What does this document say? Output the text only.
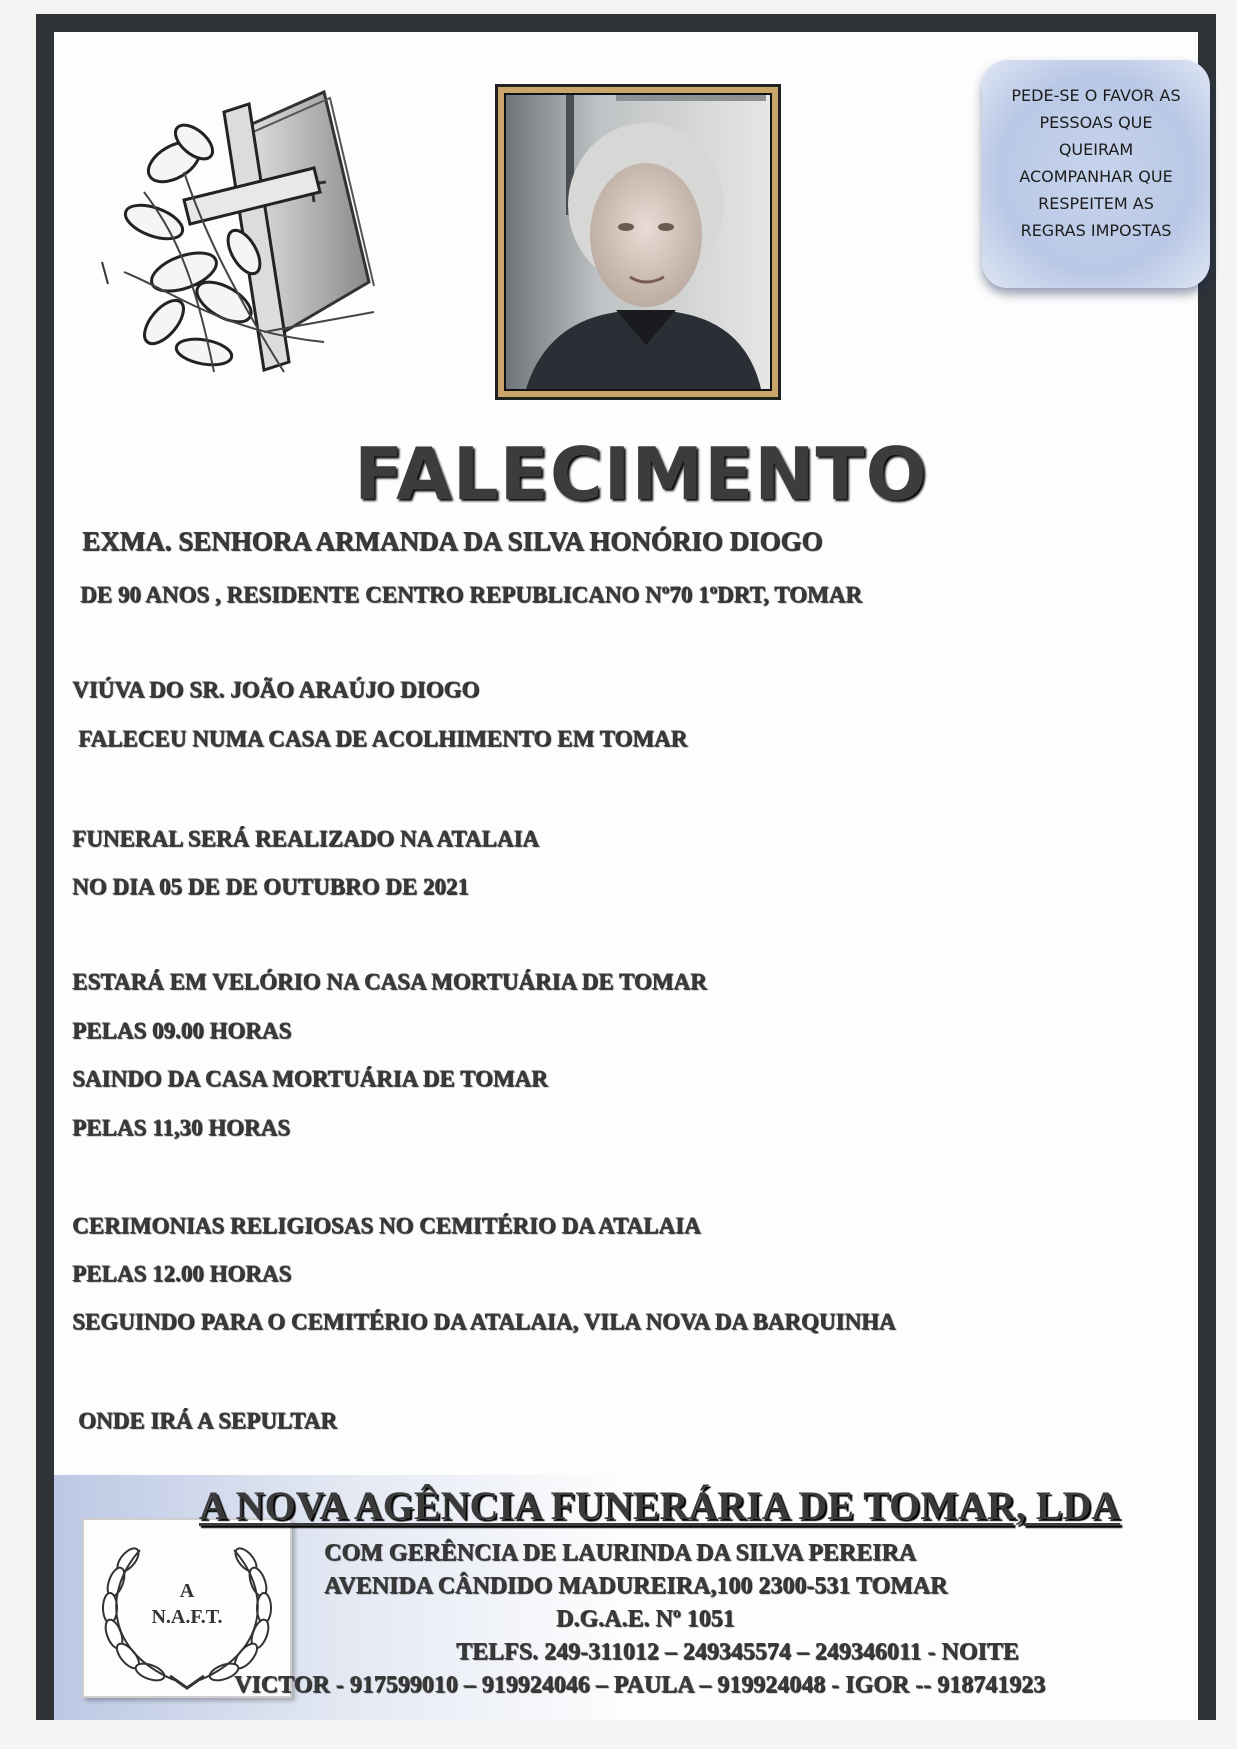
PEDE-SE O FAVOR AS
PESSOAS QUE
QUEIRAM
ACOMPANHAR QUE
RESPEITEM AS
REGRAS IMPOSTAS
FALECIMENTO
EXMA. SENHORA ARMANDA DA SILVA HONÓRIO DIOGO
DE 90 ANOS , RESIDENTE CENTRO REPUBLICANO Nº70 1ºDRT, TOMAR
VIÚVA DO SR. JOÃO ARAÚJO DIOGO
FALECEU NUMA CASA DE ACOLHIMENTO EM TOMAR
FUNERAL SERÁ REALIZADO NA ATALAIA
NO DIA 05 DE DE OUTUBRO DE 2021
ESTARÁ EM VELÓRIO NA CASA MORTUÁRIA DE TOMAR
PELAS 09.00 HORAS
SAINDO DA CASA MORTUÁRIA DE TOMAR
PELAS 11,30 HORAS
CERIMONIAS RELIGIOSAS NO CEMITÉRIO DA ATALAIA
PELAS 12.00 HORAS
SEGUINDO PARA O CEMITÉRIO DA ATALAIA, VILA NOVA DA BARQUINHA
ONDE IRÁ A SEPULTAR
A
N.A.F.T.
A NOVA AGÊNCIA FUNERÁRIA DE TOMAR, LDA
COM GERÊNCIA DE LAURINDA DA SILVA PEREIRA
AVENIDA CÂNDIDO MADUREIRA,100 2300-531 TOMAR
D.G.A.E. Nº 1051
TELFS. 249-311012 – 249345574 – 249346011 - NOITE
VICTOR - 917599010 – 919924046 – PAULA – 919924048 - IGOR -- 918741923
